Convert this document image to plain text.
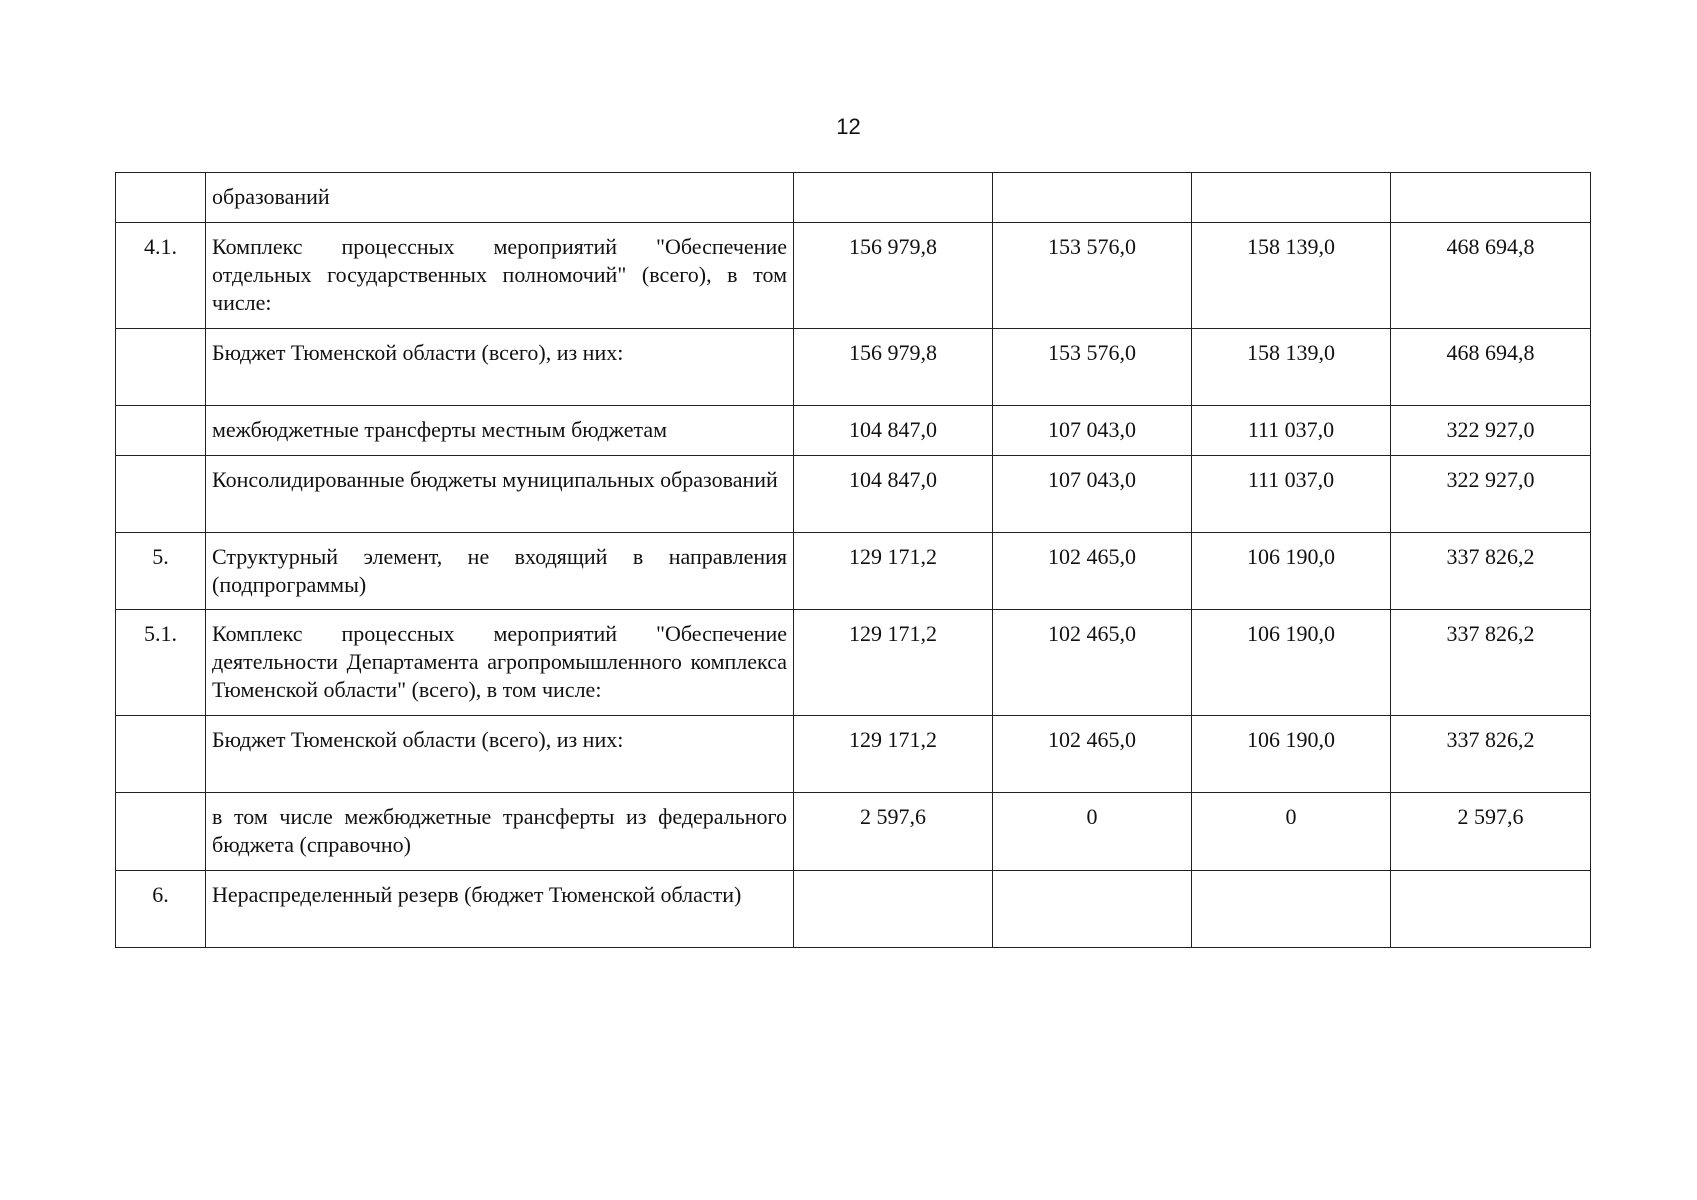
12
	образований				
4.1.	Комплекс процессных мероприятий "Обеспечение отдельных государственных полномочий" (всего), в том числе:	156 979,8	153 576,0	158 139,0	468 694,8
	Бюджет Тюменской области (всего), из них:	156 979,8	153 576,0	158 139,0	468 694,8
	межбюджетные трансферты местным бюджетам	104 847,0	107 043,0	111 037,0	322 927,0
	Консолидированные бюджеты муниципальных образований	104 847,0	107 043,0	111 037,0	322 927,0
5.	Структурный элемент, не входящий в направления (подпрограммы)	129 171,2	102 465,0	106 190,0	337 826,2
5.1.	Комплекс процессных мероприятий "Обеспечение деятельности Департамента агропромышленного комплекса Тюменской области" (всего), в том числе:	129 171,2	102 465,0	106 190,0	337 826,2
	Бюджет Тюменской области (всего), из них:	129 171,2	102 465,0	106 190,0	337 826,2
	в том числе межбюджетные трансферты из федерального бюджета (справочно)	2 597,6	0	0	2 597,6
6.	Нераспределенный резерв (бюджет Тюменской области)				
